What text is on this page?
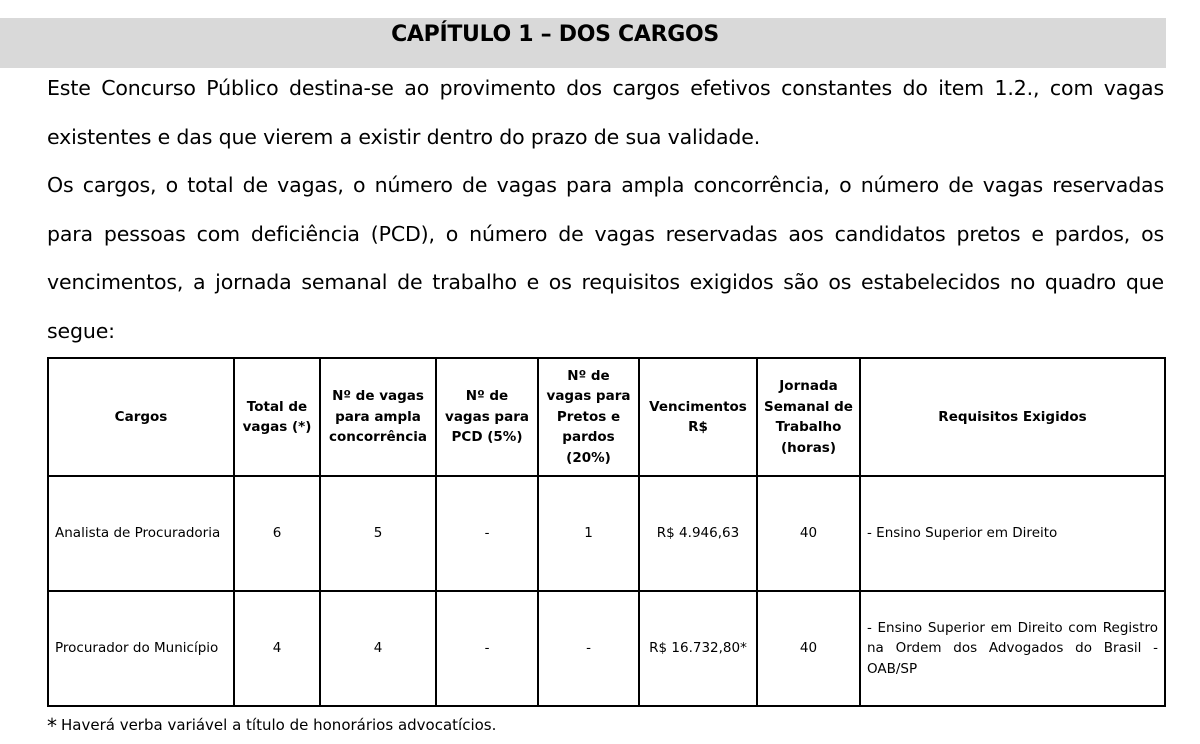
CAPÍTULO 1 – DOS CARGOS

Este Concurso Público destina-se ao provimento dos cargos efetivos constantes do item 1.2., com vagas existentes e das que vierem a existir dentro do prazo de sua validade.

Os cargos, o total de vagas, o número de vagas para ampla concorrência, o número de vagas reservadas para pessoas com deficiência (PCD), o número de vagas reservadas aos candidatos pretos e pardos, os vencimentos, a jornada semanal de trabalho e os requisitos exigidos são os estabelecidos no quadro que segue:

Cargos	Total de vagas (*)	Nº de vagas para ampla concorrência	Nº de vagas para PCD (5%)	Nº de vagas para Pretos e pardos (20%)	Vencimentos R$	Jornada Semanal de Trabalho (horas)	Requisitos Exigidos
Analista de Procuradoria	6	5	-	1	R$ 4.946,63	40	- Ensino Superior em Direito
Procurador do Município	4	4	-	-	R$ 16.732,80*	40	- Ensino Superior em Direito com Registro na Ordem dos Advogados do Brasil - OAB/SP
* Haverá verba variável a título de honorários advocatícios.
